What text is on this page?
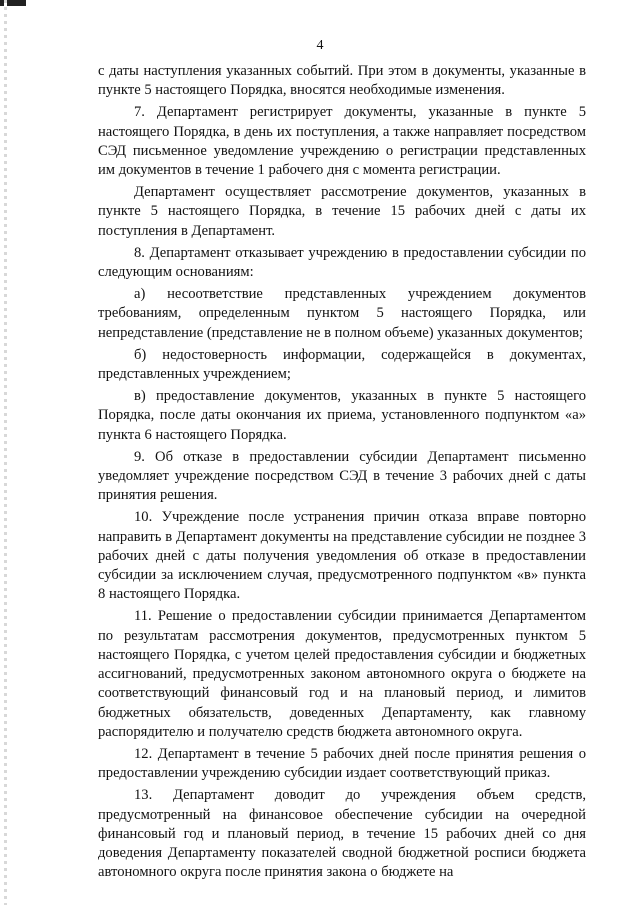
4

с даты наступления указанных событий. При этом в документы, указанные в пункте 5 настоящего Порядка, вносятся необходимые изменения.

7. Департамент регистрирует документы, указанные в пункте 5 настоящего Порядка, в день их поступления, а также направляет посредством СЭД письменное уведомление учреждению о регистрации представленных им документов в течение 1 рабочего дня с момента регистрации.

Департамент осуществляет рассмотрение документов, указанных в пункте 5 настоящего Порядка, в течение 15 рабочих дней с даты их поступления в Департамент.

8. Департамент отказывает учреждению в предоставлении субсидии по следующим основаниям:

а) несоответствие представленных учреждением документов требованиям, определенным пунктом 5 настоящего Порядка, или непредставление (представление не в полном объеме) указанных документов;

б) недостоверность информации, содержащейся в документах, представленных учреждением;

в) предоставление документов, указанных в пункте 5 настоящего Порядка, после даты окончания их приема, установленного подпунктом «а» пункта 6 настоящего Порядка.

9. Об отказе в предоставлении субсидии Департамент письменно уведомляет учреждение посредством СЭД в течение 3 рабочих дней с даты принятия решения.

10. Учреждение после устранения причин отказа вправе повторно направить в Департамент документы на представление субсидии не позднее 3 рабочих дней с даты получения уведомления об отказе в предоставлении субсидии за исключением случая, предусмотренного подпунктом «в» пункта 8 настоящего Порядка.

11. Решение о предоставлении субсидии принимается Департаментом по результатам рассмотрения документов, предусмотренных пунктом 5 настоящего Порядка, с учетом целей предоставления субсидии и бюджетных ассигнований, предусмотренных законом автономного округа о бюджете на соответствующий финансовый год и на плановый период, и лимитов бюджетных обязательств, доведенных Департаменту, как главному распорядителю и получателю средств бюджета автономного округа.

12. Департамент в течение 5 рабочих дней после принятия решения о предоставлении учреждению субсидии издает соответствующий приказ.

13. Департамент доводит до учреждения объем средств, предусмотренный на финансовое обеспечение субсидии на очередной финансовый год и плановый период, в течение 15 рабочих дней со дня доведения Департаменту показателей сводной бюджетной росписи бюджета автономного округа после принятия закона о бюджете на
